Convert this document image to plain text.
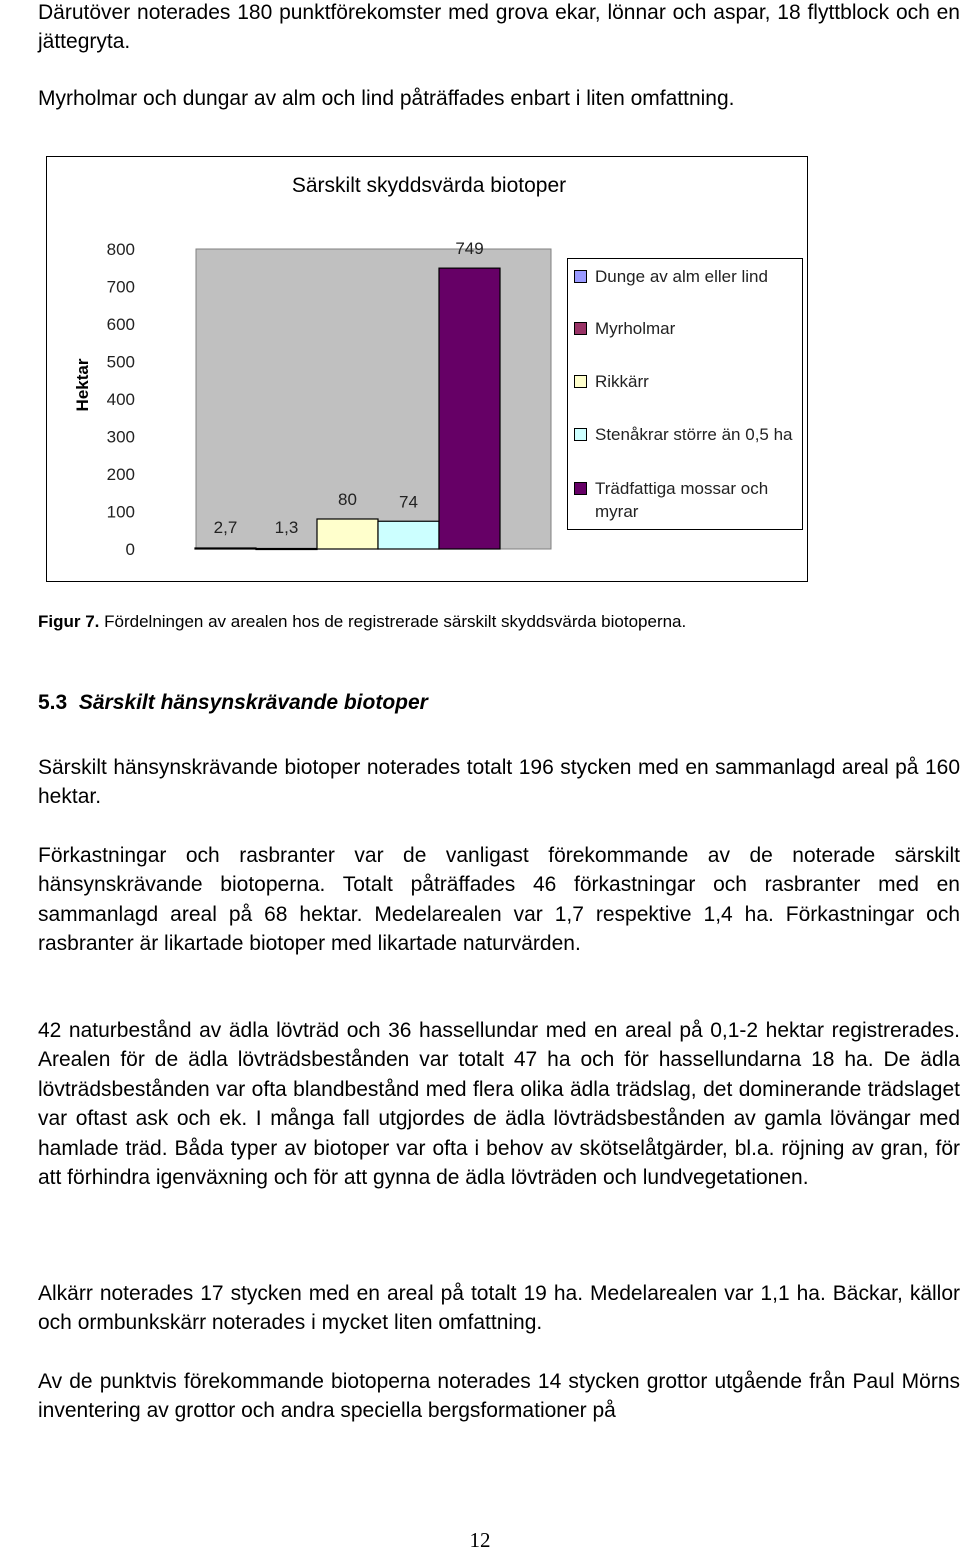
Därutöver noterades 180 punktförekomster med grova ekar, lönnar och aspar, 18 flyttblock och en jättegryta.

Myrholmar och dungar av alm och lind påträffades enbart i liten omfattning.

Särskilt skyddsvärda biotoper
Hektar
0
100
200
300
400
500
600
700
800
2,7 1,3
80 74
749
Dunge av alm eller lind
Myrholmar
Rikkärr
Stenåkrar större än 0,5 ha
Trädfattiga mossar och myrar
Figur 7. Fördelningen av arealen hos de registrerade särskilt skyddsvärda biotoperna.
5.3 Särskilt hänsynskrävande biotoper

Särskilt hänsynskrävande biotoper noterades totalt 196 stycken med en sammanlagd areal på 160 hektar.

Förkastningar och rasbranter var de vanligast förekommande av de noterade särskilt hänsynskrävande biotoperna. Totalt påträffades 46 förkastningar och rasbranter med en sammanlagd areal på 68 hektar. Medelarealen var 1,7 respektive 1,4 ha. Förkastningar och rasbranter är likartade biotoper med likartade naturvärden.

42 naturbestånd av ädla lövträd och 36 hassellundar med en areal på 0,1-2 hektar registrerades. Arealen för de ädla lövträdsbestånden var totalt 47 ha och för hassellundarna 18 ha. De ädla lövträdsbestånden var ofta blandbestånd med flera olika ädla trädslag, det dominerande trädslaget var oftast ask och ek. I många fall utgjordes de ädla lövträdsbestånden av gamla lövängar med hamlade träd. Båda typer av biotoper var ofta i behov av skötselåtgärder, bl.a. röjning av gran, för att förhindra igenväxning och för att gynna de ädla lövträden och lundvegetationen.

Alkärr noterades 17 stycken med en areal på totalt 19 ha. Medelarealen var 1,1 ha. Bäckar, källor och ormbunkskärr noterades i mycket liten omfattning.

Av de punktvis förekommande biotoperna noterades 14 stycken grottor utgående från Paul Mörns inventering av grottor och andra speciella bergsformationer på

12
